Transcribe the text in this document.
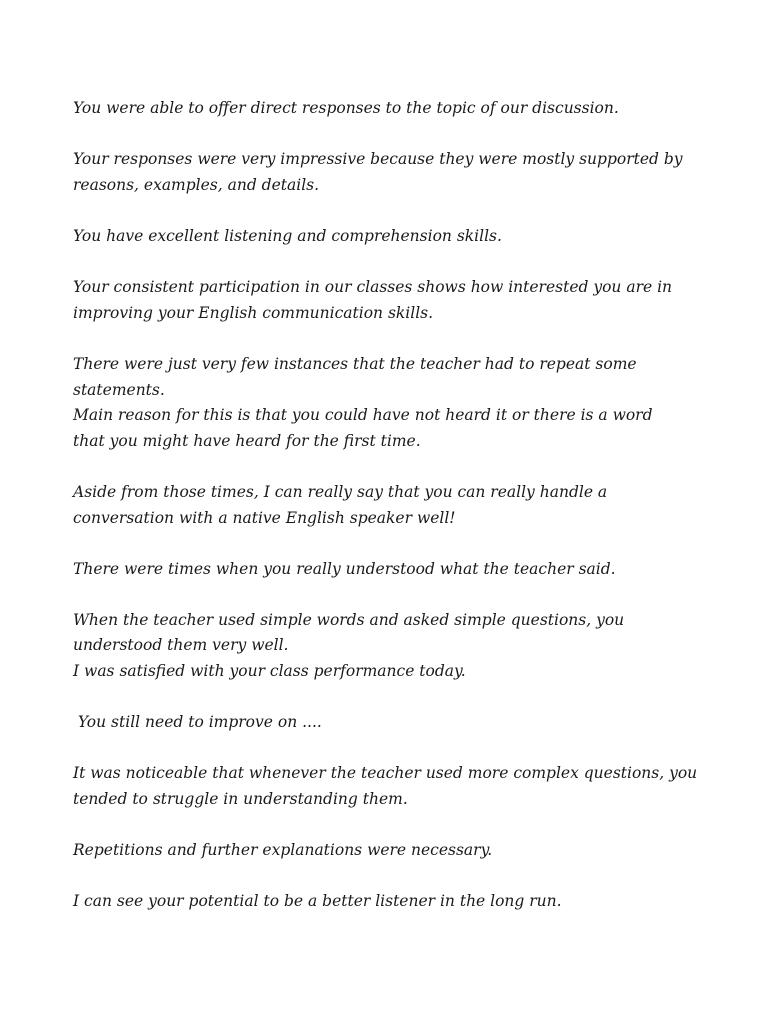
You were able to offer direct responses to the topic of our discussion.
Your responses were very impressive because they were mostly supported by
reasons, examples, and details.
You have excellent listening and comprehension skills.
Your consistent participation in our classes shows how interested you are in
improving your English communication skills.
There were just very few instances that the teacher had to repeat some
statements.
Main reason for this is that you could have not heard it or there is a word
that you might have heard for the first time.
Aside from those times, I can really say that you can really handle a
conversation with a native English speaker well!
There were times when you really understood what the teacher said.
When the teacher used simple words and asked simple questions, you
understood them very well.
I was satisfied with your class performance today.
You still need to improve on ....
It was noticeable that whenever the teacher used more complex questions, you
tended to struggle in understanding them.
Repetitions and further explanations were necessary.
I can see your potential to be a better listener in the long run.
